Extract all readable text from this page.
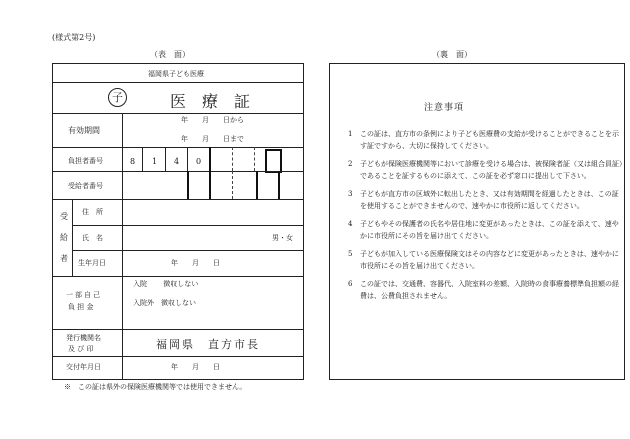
(様式第2号)
（表　面）	（裏　面）
福岡県子ども医療
子	医　療　証
有効期間
年　　月　　日から
年　　月　　日まで
負担者番号	8 1 4 0
受給者番号
受
給
者
住　所
氏　名	男・女
生年月日	年　　月　　日
一部自己
負 担 金
入院　　 徴収しない
入院外　徴収しない
発行機関名
及 び 印	福岡県　直方市長
交付年月日	年　　月　　日
※　この証は県外の保険医療機関等では使用できません。
注意事項
1	この証は、直方市の条例により子ども医療費の支給が受けることができることを示す証ですから、大切に保持してください。
2	子どもが保険医療機関等において診療を受ける場合は、被保険者証（又は組合員証）であることを証するものに添えて、この証を必ず窓口に提出して下さい。
3	子どもが直方市の区域外に転出したとき、又は有効期間を経過したときは、この証を使用することができませんので、速やかに市役所に返してください。
4	子どもやその保護者の氏名や居住地に変更があったときは、この証を添えて、速やかに市役所にその旨を届け出てください。
5	子どもが加入している医療保険文はその内容などに変更があったときは、速やかに市役所にその旨を届け出てください。
6	この証では、交通費、容器代、入院室料の差額、入院時の食事療養標準負担額の経費は、公費負担されません。
